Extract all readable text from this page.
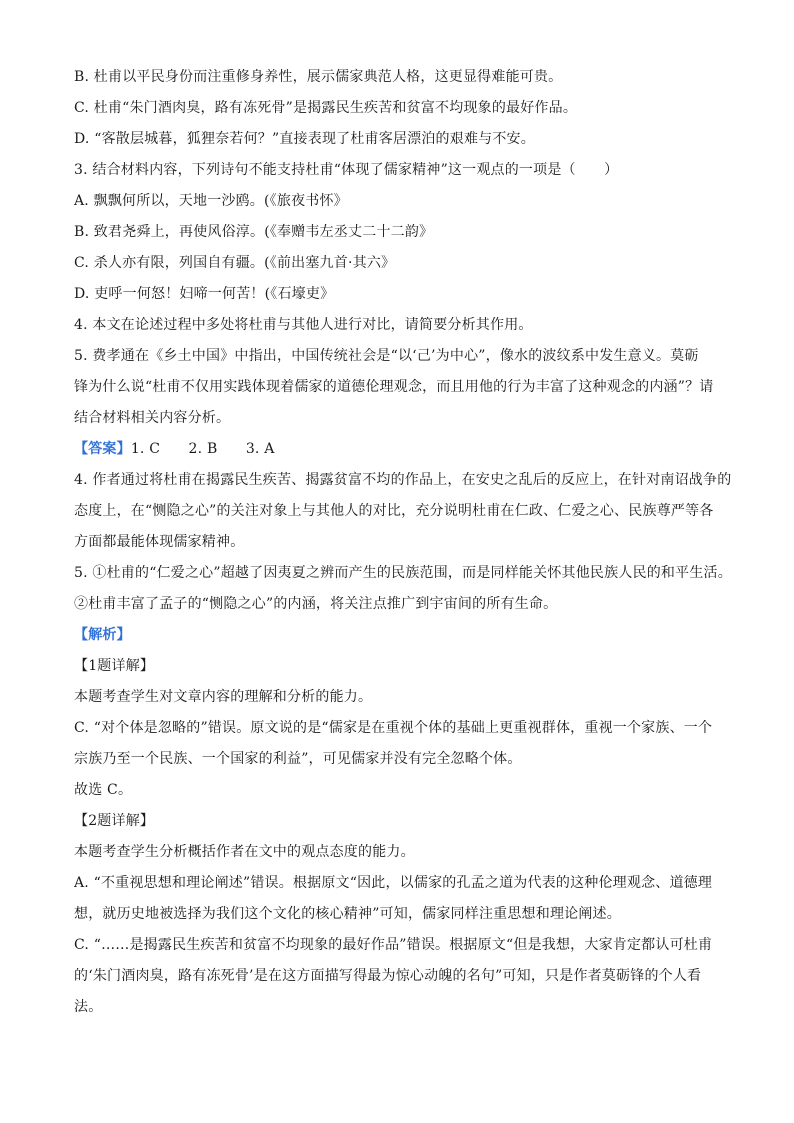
B. 杜甫以平民身份而注重修身养性，展示儒家典范人格，这更显得难能可贵。
C. 杜甫“朱门酒肉臭，路有冻死骨”是揭露民生疾苦和贫富不均现象的最好作品。
D. “客散层城暮，狐狸奈若何？”直接表现了杜甫客居漂泊的艰难与不安。
3. 结合材料内容，下列诗句不能支持杜甫“体现了儒家精神”这一观点的一项是（　　）
A. 飘飘何所以，天地一沙鸥。(《旅夜书怀》
B. 致君尧舜上，再使风俗淳。(《奉赠韦左丞丈二十二韵》
C. 杀人亦有限，列国自有疆。(《前出塞九首·其六》
D. 吏呼一何怒！妇啼一何苦！(《石壕吏》
4. 本文在论述过程中多处将杜甫与其他人进行对比，请简要分析其作用。
5. 费孝通在《乡土中国》中指出，中国传统社会是“以‘己’为中心”，像水的波纹系中发生意义。莫砺
锋为什么说“杜甫不仅用实践体现着儒家的道德伦理观念，而且用他的行为丰富了这种观念的内涵”？请
结合材料相关内容分析。
【答案】1. C　　2. B　　3. A
4. 作者通过将杜甫在揭露民生疾苦、揭露贫富不均的作品上，在安史之乱后的反应上，在针对南诏战争的
态度上，在“恻隐之心”的关注对象上与其他人的对比，充分说明杜甫在仁政、仁爱之心、民族尊严等各
方面都最能体现儒家精神。
5. ①杜甫的“仁爱之心”超越了因夷夏之辨而产生的民族范围，而是同样能关怀其他民族人民的和平生活。
②杜甫丰富了孟子的“恻隐之心”的内涵，将关注点推广到宇宙间的所有生命。
【解析】
【1题详解】
本题考查学生对文章内容的理解和分析的能力。
C. “对个体是忽略的”错误。原文说的是“儒家是在重视个体的基础上更重视群体，重视一个家族、一个
宗族乃至一个民族、一个国家的利益”，可见儒家并没有完全忽略个体。
故选 C。
【2题详解】
本题考查学生分析概括作者在文中的观点态度的能力。
A. “不重视思想和理论阐述”错误。根据原文“因此，以儒家的孔孟之道为代表的这种伦理观念、道德理
想，就历史地被选择为我们这个文化的核心精神”可知，儒家同样注重思想和理论阐述。
C. “……是揭露民生疾苦和贫富不均现象的最好作品”错误。根据原文“但是我想，大家肯定都认可杜甫
的‘朱门酒肉臭，路有冻死骨’是在这方面描写得最为惊心动魄的名句”可知，只是作者莫砺锋的个人看
法。
